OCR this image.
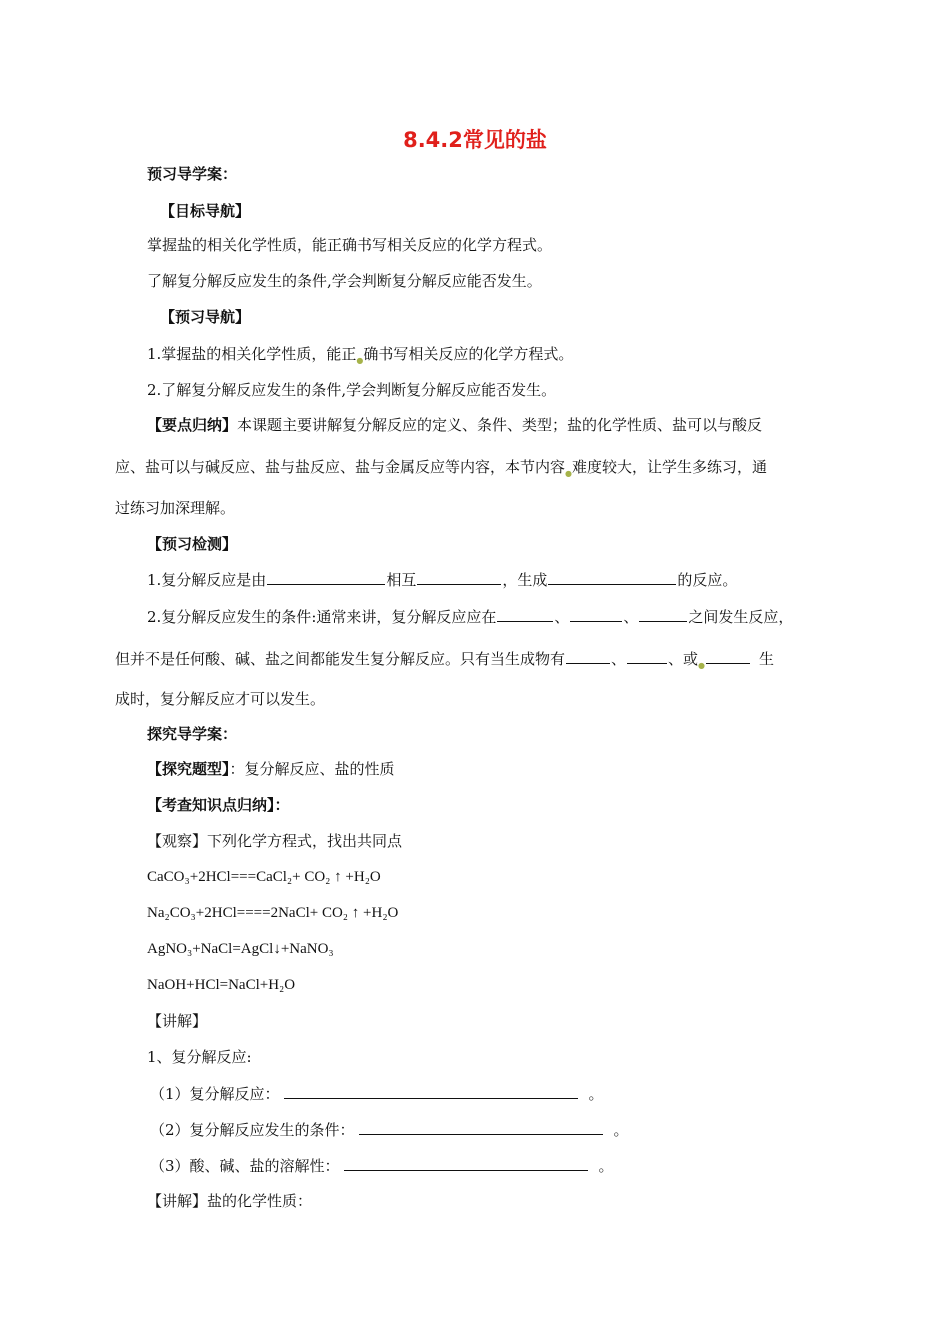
8.4.2常见的盐
预习导学案：
【目标导航】
掌握盐的相关化学性质，能正确书写相关反应的化学方程式。
了解复分解反应发生的条件,学会判断复分解反应能否发生。
【预习导航】
1.掌握盐的相关化学性质，能正$_●$确书写相关反应的化学方程式。
2.了解复分解反应发生的条件,学会判断复分解反应能否发生。
【要点归纳】本课题主要讲解复分解反应的定义、条件、类型；盐的化学性质、盐可以与酸反
应、盐可以与碱反应、盐与盐反应、盐与金属反应等内容，本节内容$_●$难度较大，让学生多练习，通
过练习加深理解。
【预习检测】
1.复分解反应是由	相互	，生成	的反应。
2.复分解反应发生的条件:通常来讲，复分解反应应在	、	、	之间发生反应，
但并不是任何酸、碱、盐之间都能发生复分解反应。只有当生成物有	、	、或$_●$	生
成时，复分解反应才可以发生。
探究导学案：
【探究题型】：复分解反应、盐的性质
【考查知识点归纳】：
【观察】下列化学方程式，找出共同点
CaCO₃+2HCl===CaCl₂+ CO₂ ↑ +H₂O
Na₂CO₃+2HCl====2NaCl+ CO₂ ↑ +H₂O
AgNO₃+NaCl=AgCl↓+NaNO₃
NaOH+HCl=NaCl+H₂O
【讲解】
1、复分解反应:
（1）复分解反应：	。
（2）复分解反应发生的条件：	。
（3）酸、碱、盐的溶解性：	。
【讲解】盐的化学性质：
